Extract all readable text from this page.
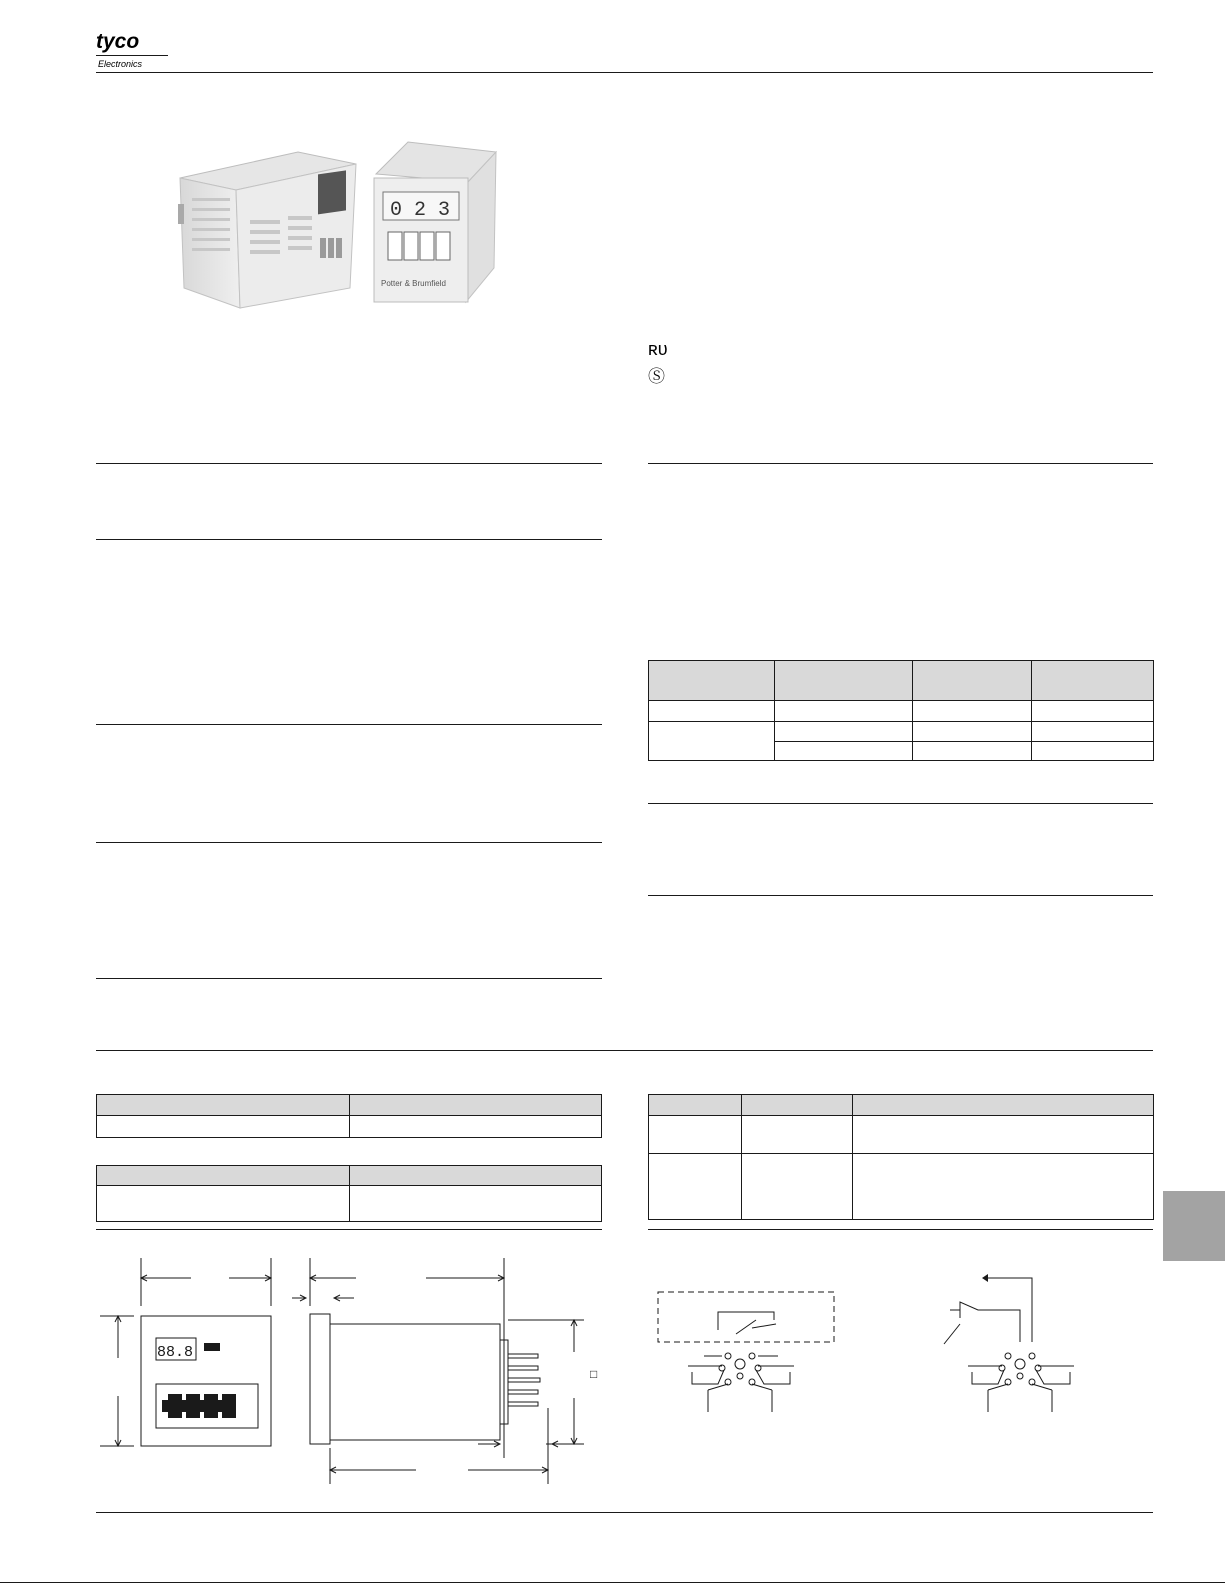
tyco
Electronics
0 2 3
Potter & Brumfield
ʀᴜ
Ⓢ

88.8
□
